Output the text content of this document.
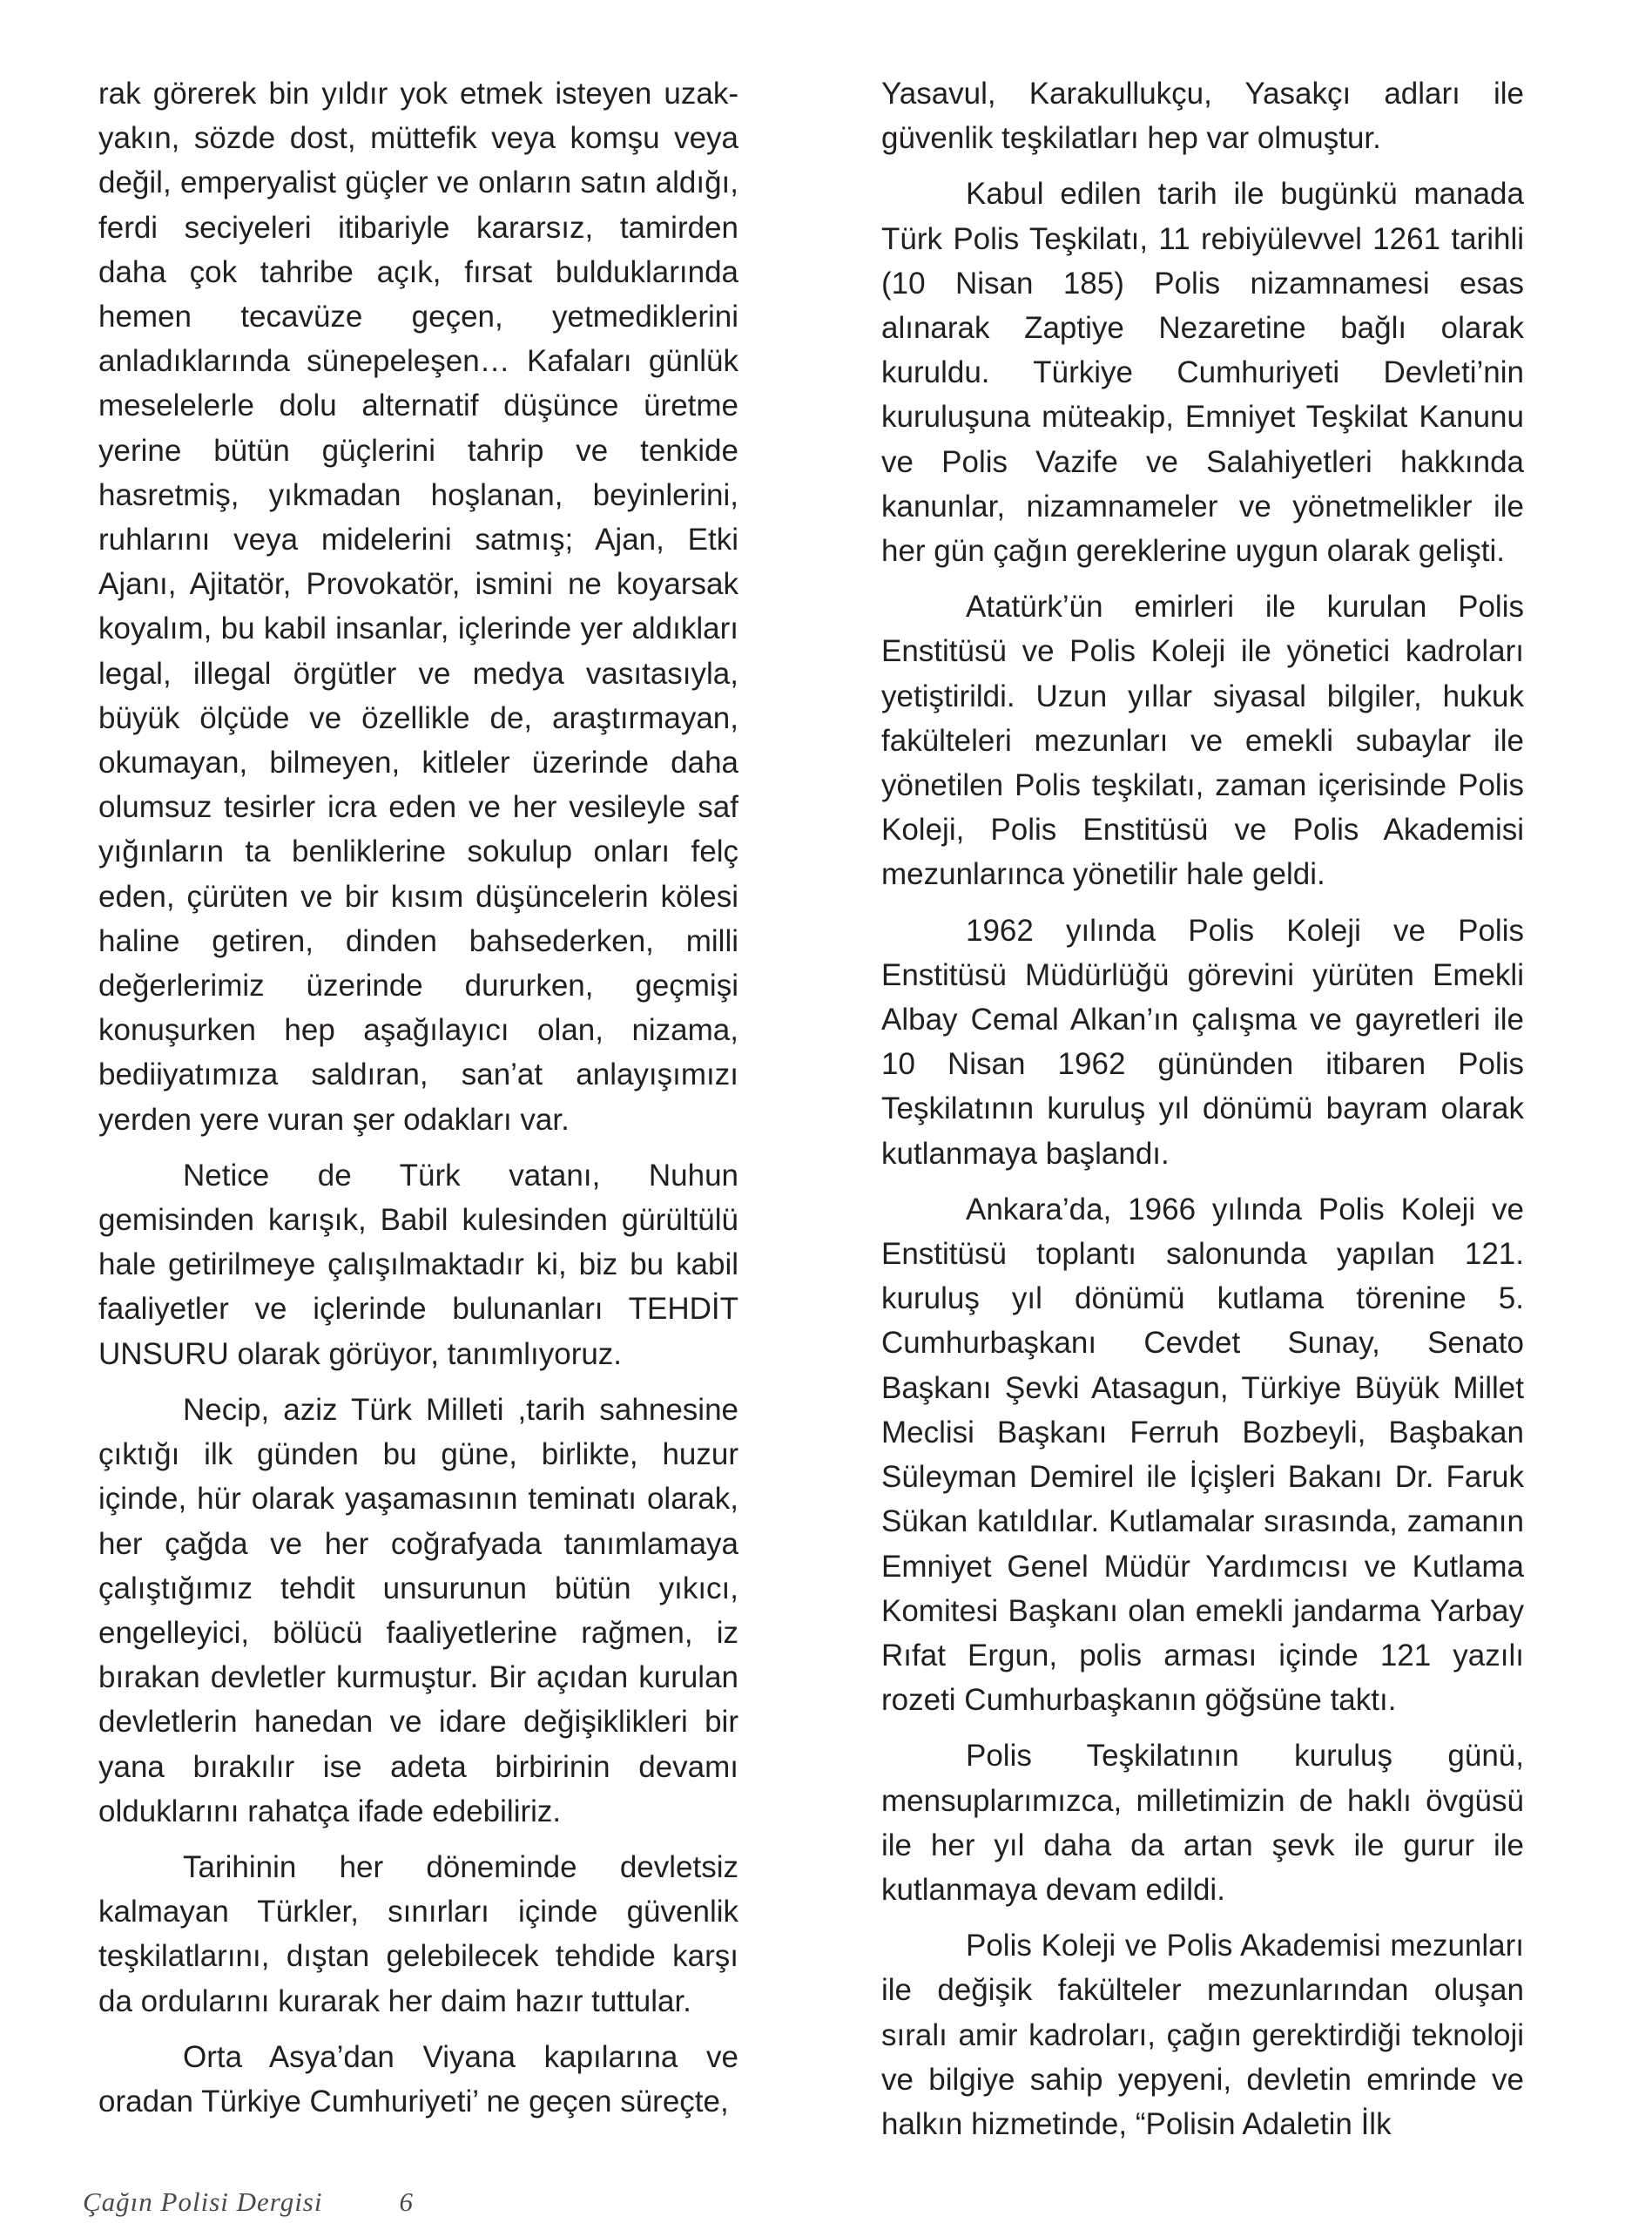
rak görerek bin yıldır yok etmek isteyen uzak-yakın, sözde dost, müttefik veya komşu veya değil, emperyalist güçler ve onların satın aldığı, ferdi seciyeleri itibariyle kararsız, tamirden daha çok tahribe açık, fırsat bulduklarında hemen tecavüze geçen, yetmediklerini anladıklarında sünepeleşen… Kafaları günlük meselelerle dolu alternatif düşünce üretme yerine bütün güçlerini tahrip ve tenkide hasretmiş, yıkmadan hoşlanan, beyinlerini, ruhlarını veya midelerini satmış; Ajan, Etki Ajanı, Ajitatör, Provokatör, ismini ne koyarsak koyalım, bu kabil insanlar, içlerinde yer aldıkları legal, illegal örgütler ve medya vasıtasıyla, büyük ölçüde ve özellikle de, araştırmayan, okumayan, bilmeyen, kitleler üzerinde daha olumsuz tesirler icra eden ve her vesileyle saf yığınların ta benliklerine sokulup onları felç eden, çürüten ve bir kısım düşüncelerin kölesi haline getiren, dinden bahsederken, milli değerlerimiz üzerinde dururken, geçmişi konuşurken hep aşağılayıcı olan, nizama, bediiyatımıza saldıran, san’at anlayışımızı yerden yere vuran şer odakları var.

Netice de Türk vatanı, Nuhun gemisinden karışık, Babil kulesinden gürültülü hale getirilmeye çalışılmaktadır ki, biz bu kabil faaliyetler ve içlerinde bulunanları TEHDİT UNSURU olarak görüyor, tanımlıyoruz.

Necip, aziz Türk Milleti ,tarih sahnesine çıktığı ilk günden bu güne, birlikte, huzur içinde, hür olarak yaşamasının teminatı olarak, her çağda ve her coğrafyada tanımlamaya çalıştığımız tehdit unsurunun bütün yıkıcı, engelleyici, bölücü faaliyetlerine rağmen, iz bırakan devletler kurmuştur. Bir açıdan kurulan devletlerin hanedan ve idare değişiklikleri bir yana bırakılır ise adeta birbirinin devamı olduklarını rahatça ifade edebiliriz.

Tarihinin her döneminde devletsiz kalmayan Türkler, sınırları içinde güvenlik teşkilatlarını, dıştan gelebilecek tehdide karşı da ordularını kurarak her daim hazır tuttular.

Orta Asya’dan Viyana kapılarına ve oradan Türkiye Cumhuriyeti’ ne geçen süreçte,

Yasavul, Karakullukçu, Yasakçı adları ile güvenlik teşkilatları hep var olmuştur.

Kabul edilen tarih ile bugünkü manada Türk Polis Teşkilatı, 11 rebiyülevvel 1261 tarihli (10 Nisan 185) Polis nizamnamesi esas alınarak Zaptiye Nezaretine bağlı olarak kuruldu. Türkiye Cumhuriyeti Devleti’nin kuruluşuna müteakip, Emniyet Teşkilat Kanunu ve Polis Vazife ve Salahiyetleri hakkında kanunlar, nizamnameler ve yönetmelikler ile her gün çağın gereklerine uygun olarak gelişti.

Atatürk’ün emirleri ile kurulan Polis Enstitüsü ve Polis Koleji ile yönetici kadroları yetiştirildi. Uzun yıllar siyasal bilgiler, hukuk fakülteleri mezunları ve emekli subaylar ile yönetilen Polis teşkilatı, zaman içerisinde Polis Koleji, Polis Enstitüsü ve Polis Akademisi mezunlarınca yönetilir hale geldi.

1962 yılında Polis Koleji ve Polis Enstitüsü Müdürlüğü görevini yürüten Emekli Albay Cemal Alkan’ın çalışma ve gayretleri ile 10 Nisan 1962 gününden itibaren Polis Teşkilatının kuruluş yıl dönümü bayram olarak kutlanmaya başlandı.

Ankara’da, 1966 yılında Polis Koleji ve Enstitüsü toplantı salonunda yapılan 121. kuruluş yıl dönümü kutlama törenine 5. Cumhurbaşkanı Cevdet Sunay, Senato Başkanı Şevki Atasagun, Türkiye Büyük Millet Meclisi Başkanı Ferruh Bozbeyli, Başbakan Süleyman Demirel ile İçişleri Bakanı Dr. Faruk Sükan katıldılar. Kutlamalar sırasında, zamanın Emniyet Genel Müdür Yardımcısı ve Kutlama Komitesi Başkanı olan emekli jandarma Yarbay Rıfat Ergun, polis arması içinde 121 yazılı rozeti Cumhurbaşkanın göğsüne taktı.

Polis Teşkilatının kuruluş günü, mensuplarımızca, milletimizin de haklı övgüsü ile her yıl daha da artan şevk ile gurur ile kutlanmaya devam edildi.

Polis Koleji ve Polis Akademisi mezunları ile değişik fakülteler mezunlarından oluşan sıralı amir kadroları, çağın gerektirdiği teknoloji ve bilgiye sahip yepyeni, devletin emrinde ve halkın hizmetinde, “Polisin Adaletin İlk

Çağın Polisi Dergisi	6
